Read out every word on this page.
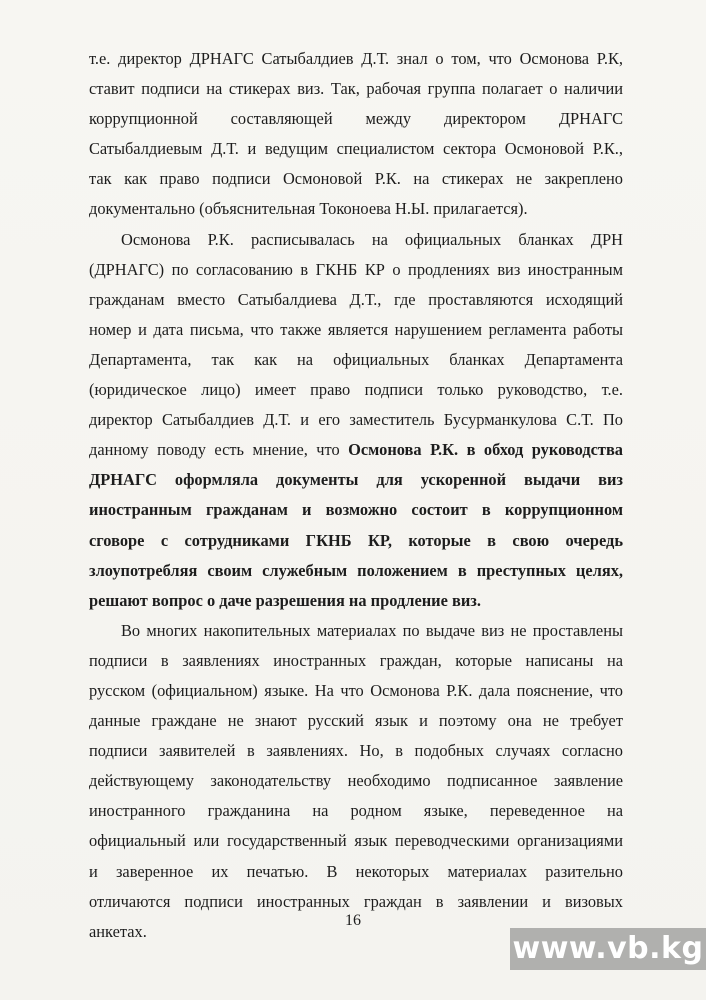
т.е. директор ДРНАГС Сатыбалдиев Д.Т. знал о том, что Осмонова Р.К,
ставит подписи на стикерах виз. Так, рабочая группа полагает о наличии
коррупционной составляющей между директором ДРНАГС
Сатыбалдиевым Д.Т. и ведущим специалистом сектора Осмоновой Р.К.,
так как право подписи Осмоновой Р.К. на стикерах не закреплено
документально (объяснительная Токоноева Н.Ы. прилагается).
Осмонова Р.К. расписывалась на официальных бланках ДРН
(ДРНАГС) по согласованию в ГКНБ КР о продлениях виз иностранным
гражданам вместо Сатыбалдиева Д.Т., где проставляются исходящий
номер и дата письма, что также является нарушением регламента работы
Департамента, так как на официальных бланках Департамента
(юридическое лицо) имеет право подписи только руководство, т.е.
директор Сатыбалдиев Д.Т. и его заместитель Бусурманкулова С.Т. По
данному поводу есть мнение, что Осмонова Р.К. в обход руководства
ДРНАГС оформляла документы для ускоренной выдачи виз
иностранным гражданам и возможно состоит в коррупционном
сговоре с сотрудниками ГКНБ КР, которые в свою очередь
злоупотребляя своим служебным положением в преступных целях,
решают вопрос о даче разрешения на продление виз.
Во многих накопительных материалах по выдаче виз не проставлены
подписи в заявлениях иностранных граждан, которые написаны на
русском (официальном) языке. На что Осмонова Р.К. дала пояснение, что
данные граждане не знают русский язык и поэтому она не требует
подписи заявителей в заявлениях. Но, в подобных случаях согласно
действующему законодательству необходимо подписанное заявление
иностранного гражданина на родном языке, переведенное на
официальный или государственный язык переводческими организациями
и заверенное их печатью. В некоторых материалах разительно
отличаются подписи иностранных граждан в заявлении и визовых
анкетах.
16
www.vb.kg
